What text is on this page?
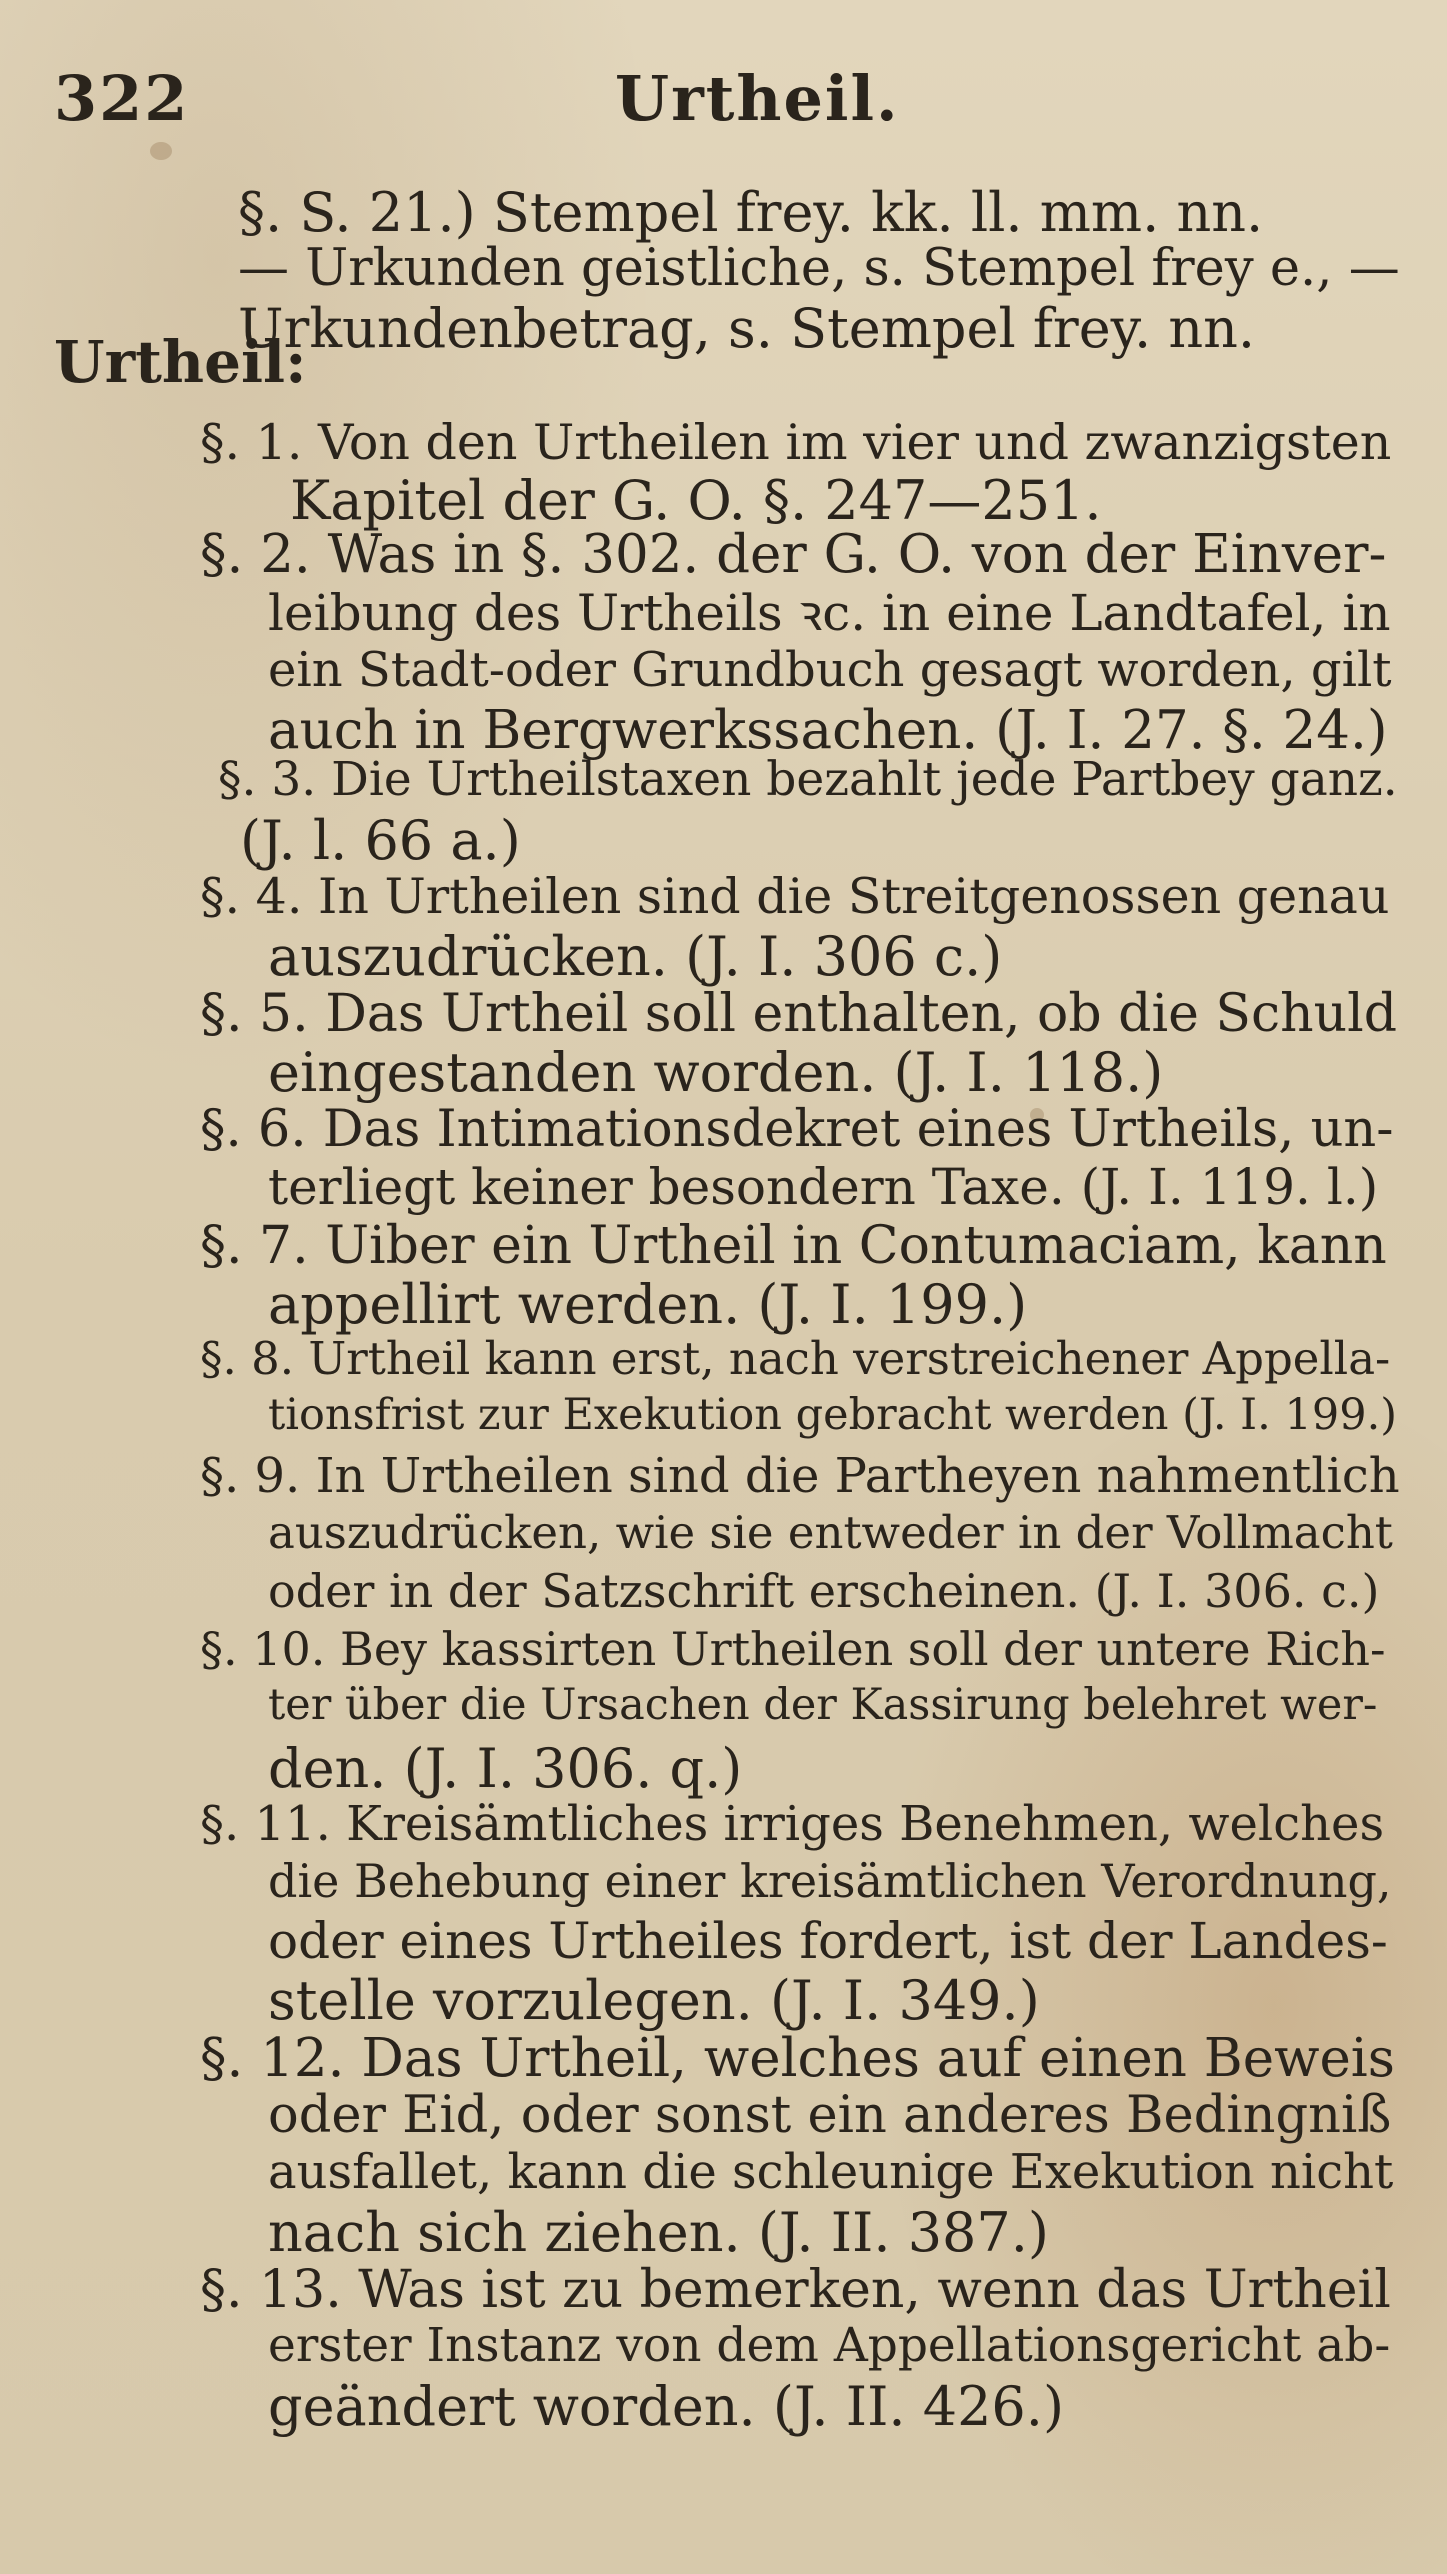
322	Urtheil.
§. S. 21.) Stempel frey. kk. ll. mm. nn.
— Urkunden geistliche, s. Stempel frey e., —
Urkundenbetrag, s. Stempel frey. nn.
Urtheil:
§. 1. Von den Urtheilen im vier und zwanzigsten
Kapitel der G. O. §. 247—251.
§. 2. Was in §. 302. der G. O. von der Einver-
leibung des Urtheils ꝛc. in eine Landtafel, in
ein Stadt-oder Grundbuch gesagt worden, gilt
auch in Bergwerkssachen. (J. I. 27. §. 24.)
§. 3. Die Urtheilstaxen bezahlt jede Partbey ganz.
(J. l. 66 a.)
§. 4. In Urtheilen sind die Streitgenossen genau
auszudrücken. (J. I. 306 c.)
§. 5. Das Urtheil soll enthalten, ob die Schuld
eingestanden worden. (J. I. 118.)
§. 6. Das Intimationsdekret eines Urtheils, un-
terliegt keiner besondern Taxe. (J. I. 119. l.)
§. 7. Uiber ein Urtheil in Contumaciam, kann
appellirt werden. (J. I. 199.)
§. 8. Urtheil kann erst, nach verstreichener Appella-
tionsfrist zur Exekution gebracht werden (J. I. 199.)
§. 9. In Urtheilen sind die Partheyen nahmentlich
auszudrücken, wie sie entweder in der Vollmacht
oder in der Satzschrift erscheinen. (J. I. 306. c.)
§. 10. Bey kassirten Urtheilen soll der untere Rich-
ter über die Ursachen der Kassirung belehret wer-
den. (J. I. 306. q.)
§. 11. Kreisämtliches irriges Benehmen, welches
die Behebung einer kreisämtlichen Verordnung,
oder eines Urtheiles fordert, ist der Landes-
stelle vorzulegen. (J. I. 349.)
§. 12. Das Urtheil, welches auf einen Beweis
oder Eid, oder sonst ein anderes Bedingniß
ausfallet, kann die schleunige Exekution nicht
nach sich ziehen. (J. II. 387.)
§. 13. Was ist zu bemerken, wenn das Urtheil
erster Instanz von dem Appellationsgericht ab-
geändert worden. (J. II. 426.)
